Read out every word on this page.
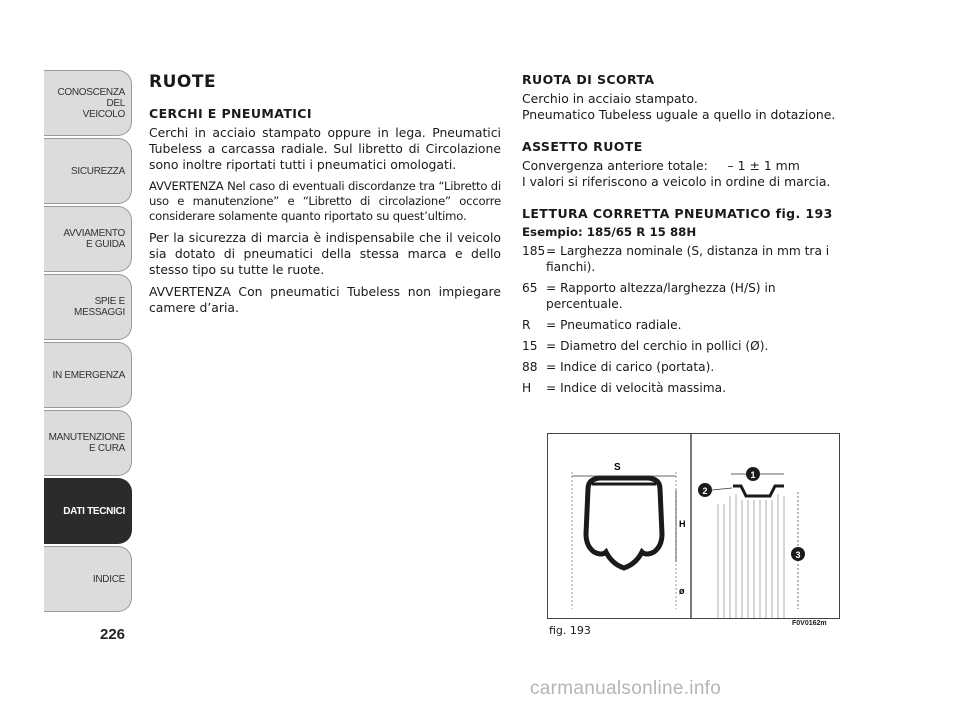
CONOSCENZA
DEL
VEICOLO
SICUREZZA
AVVIAMENTO
E GUIDA
SPIE E
MESSAGGI
IN EMERGENZA
MANUTENZIONE
E CURA
DATI TECNICI
INDICE
226
RUOTE
CERCHI E PNEUMATICI
Cerchi in acciaio stampato oppure in lega. Pneumatici Tubeless a carcassa radiale. Sul libretto di Circolazione sono inoltre riportati tutti i pneumatici omologati.
AVVERTENZA Nel caso di eventuali discordanze tra “Libretto di uso e manutenzione” e “Libretto di circolazione” occorre considerare solamente quanto riportato su quest’ultimo.
Per la sicurezza di marcia è indispensabile che il veicolo sia dotato di pneumatici della stessa marca e dello stesso tipo su tutte le ruote.
AVVERTENZA Con pneumatici Tubeless non impiegare camere d’aria.
RUOTA DI SCORTA
Cerchio in acciaio stampato.
Pneumatico Tubeless uguale a quello in dotazione.
ASSETTO RUOTE
Convergenza anteriore totale:     – 1 ± 1 mm
I valori si riferiscono a veicolo in ordine di marcia.
LETTURA CORRETTA PNEUMATICO fig. 193
Esempio: 185/65 R 15 88H
185 = Larghezza nominale (S, distanza in mm tra i fianchi).
65 = Rapporto altezza/larghezza (H/S) in percentuale.
R	= Pneumatico radiale.
15 = Diametro del cerchio in pollici (Ø).
88 = Indice di carico (portata).
H	= Indice di velocità massima.
S
H
ø
1
2
3
fig. 193
F0V0162m
carmanualsonline.info
